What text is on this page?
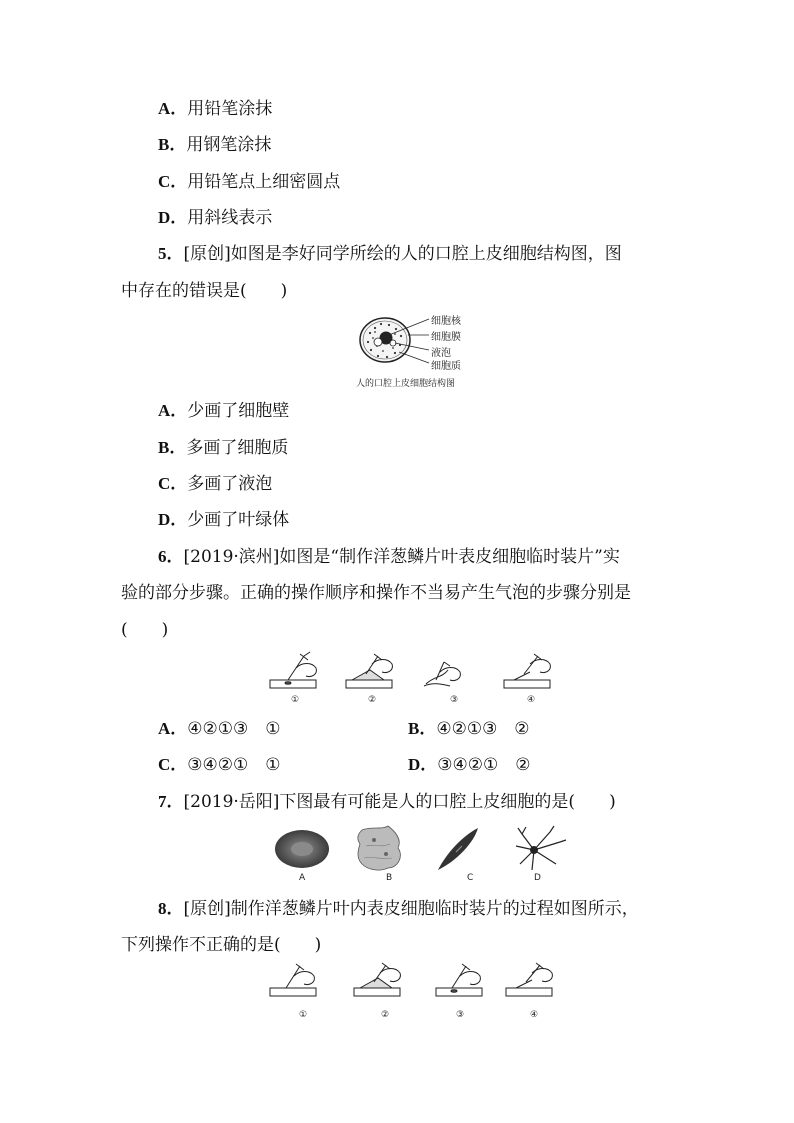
A．用铅笔涂抹
B．用钢笔涂抹
C．用铅笔点上细密圆点
D．用斜线表示
5．[原创]如图是李好同学所绘的人的口腔上皮细胞结构图，图
中存在的错误是(　　)
细胞核
细胞膜
液泡
细胞质
人的口腔上皮细胞结构图
A．少画了细胞壁
B．多画了细胞质
C．多画了液泡
D．少画了叶绿体
6．[2019·滨州]如图是“制作洋葱鳞片叶表皮细胞临时装片”实
验的部分步骤。正确的操作顺序和操作不当易产生气泡的步骤分别是
(　　)
①	②	③	④
A．④②①③　①	B．④②①③　②
C．③④②①　①	D．③④②①　②
7．[2019·岳阳]下图最有可能是人的口腔上皮细胞的是(　　)
A	B	C	D
8．[原创]制作洋葱鳞片叶内表皮细胞临时装片的过程如图所示，
下列操作不正确的是(　　)
①	②	③	④
